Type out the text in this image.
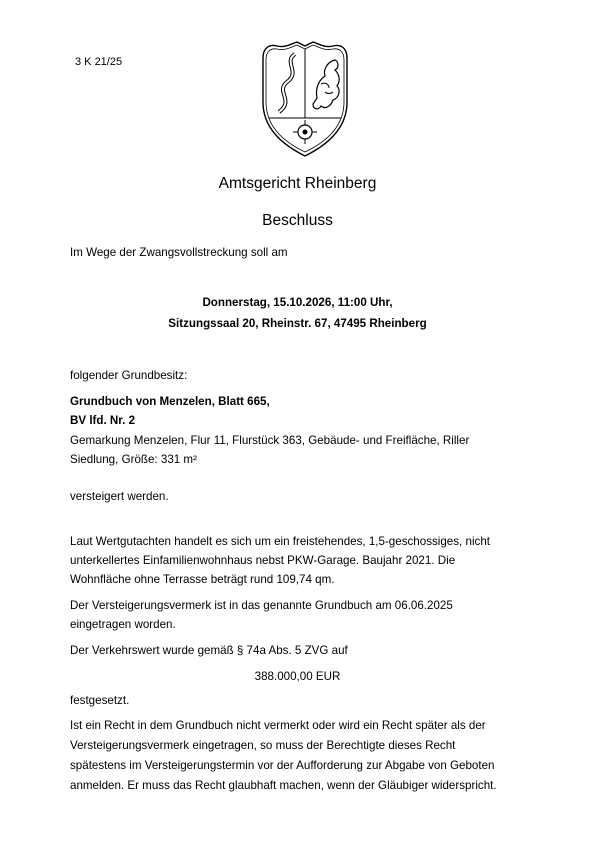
3 K 21/25
Amtsgericht Rheinberg
Beschluss
Im Wege der Zwangsvollstreckung soll am
Donnerstag, 15.10.2026, 11:00 Uhr,
Sitzungssaal 20, Rheinstr. 67, 47495 Rheinberg
folgender Grundbesitz:
Grundbuch von Menzelen, Blatt 665,
BV lfd. Nr. 2
Gemarkung Menzelen, Flur 11, Flurstück 363, Gebäude- und Freifläche, Riller
Siedlung, Größe: 331 m²
versteigert werden.
Laut Wertgutachten handelt es sich um ein freistehendes, 1,5-geschossiges, nicht
unterkellertes Einfamilienwohnhaus nebst PKW-Garage. Baujahr 2021. Die
Wohnfläche ohne Terrasse beträgt rund 109,74 qm.
Der Versteigerungsvermerk ist in das genannte Grundbuch am 06.06.2025
eingetragen worden.
Der Verkehrswert wurde gemäß § 74a Abs. 5 ZVG auf
388.000,00 EUR
festgesetzt.
Ist ein Recht in dem Grundbuch nicht vermerkt oder wird ein Recht später als der
Versteigerungsvermerk eingetragen, so muss der Berechtigte dieses Recht
spätestens im Versteigerungstermin vor der Aufforderung zur Abgabe von Geboten
anmelden. Er muss das Recht glaubhaft machen, wenn der Gläubiger widerspricht.
